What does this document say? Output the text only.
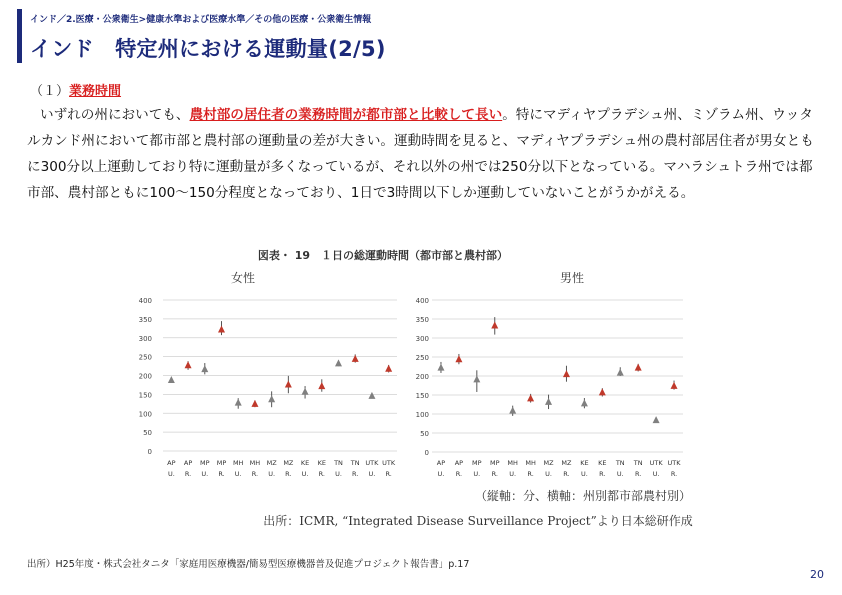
インド／2.医療・公衆衛生>健康水準および医療水準／その他の医療・公衆衛生情報
インド　特定州における運動量(2/5)
（１）業務時間
いずれの州においても、農村部の居住者の業務時間が都市部と比較して長い。特にマディヤプラデシュ州、ミゾラム州、ウッタルカンド州において都市部と農村部の運動量の差が大きい。運動時間を見ると、マディヤプラデシュ州の農村部居住者が男女ともに300分以上運動しており特に運動量が多くなっているが、それ以外の州では250分以下となっている。マハラシュトラ州では都市部、農村部ともに100〜150分程度となっており、1日で3時間以下しか運動していないことがうかがえる。
図表・ 19　１日の総運動時間（都市部と農村部）
女性
0
50
100
150
200
250
300
350
400
AP
U.
AP
R.
MP
U.
MP
R.
MH
U.
MH
R.
MZ
U.
MZ
R.
KE
U.
KE
R.
TN
U.
TN
R.
UTK
U.
UTK
R.
男性
0
50
100
150
200
250
300
350
400
AP
U.
AP
R.
MP
U.
MP
R.
MH
U.
MH
R.
MZ
U.
MZ
R.
KE
U.
KE
R.
TN
U.
TN
R.
UTK
U.
UTK
R.
（縦軸：分、横軸：州別都市部農村別）
出所：ICMR, “Integrated Disease Surveillance Project”より日本総研作成
出所）H25年度・株式会社タニタ「家庭用医療機器/簡易型医療機器普及促進プロジェクト報告書」p.17
20
